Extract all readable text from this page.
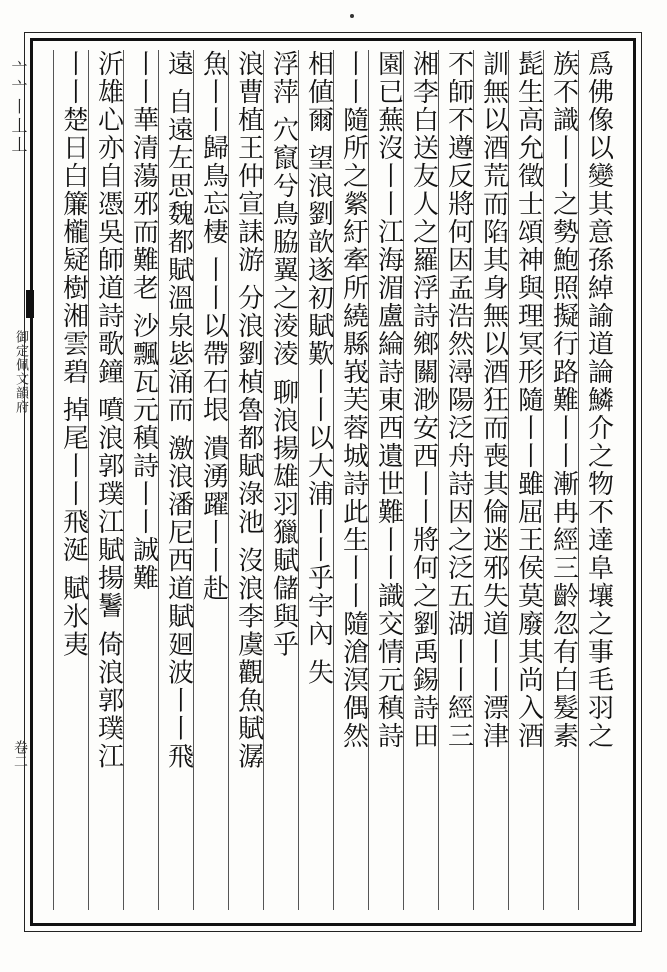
亠亠丨丄丄
御定佩文韻府
卷二
爲佛像以變其意孫綽諭道論鱗介之物不達阜壤之事毛羽之
族不識丨丨之勢鮑照擬行路難丨丨漸冉經三齡忽有白髮素
髭生高允徵士頌神與理冥形隨丨丨雖屈王侯莫廢其尚入酒
訓無以酒荒而陷其身無以酒狂而喪其倫迷邪失道丨丨漂津
不師不遵反將何因孟浩然潯陽泛舟詩因之泛五湖丨丨經三
湘李白送友人之羅浮詩鄉關渺安西丨丨將何之劉禹錫詩田
園已蕪沒丨丨江海湄盧綸詩東西遺世難丨丨識交情元稹詩
丨丨隨所之縈紆牽所繞縣峩芙蓉城詩此生丨丨隨滄溟偶然
相値爾 望浪劉歆遂初賦歎丨丨以大浦丨丨乎宇內 失
浮萍 穴竄兮鳥脇翼之淩淩 聊浪揚雄羽獵賦儲與乎
浪曹植王仲宣誄游 分浪劉楨魯都賦淥池 沒浪李虞觀魚賦潺
魚丨丨歸鳥忘棲 丨丨以帶石垠 潰湧躍丨丨赴
遠 自遠左思魏都賦溫泉毖涌而 激浪潘尼西道賦廻波丨丨飛
丨丨華清蕩邪而難老 沙飄瓦元稹詩丨丨誠難
沂雄心亦自憑吳師道詩歌鐘 噴浪郭璞江賦揚鬐 倚浪郭璞江
丨丨楚日白簾櫳疑樹湘雲碧 掉尾丨丨飛涎 賦氷夷
